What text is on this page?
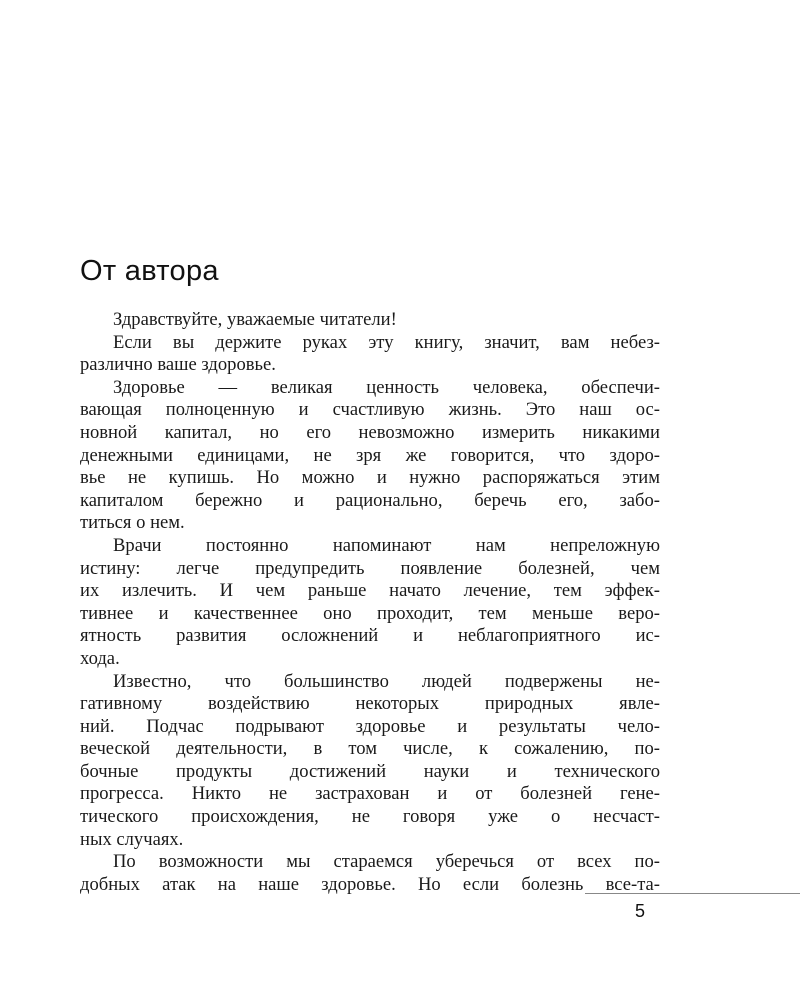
От автора
Здравствуйте, уважаемые читатели!
Если вы держите руках эту книгу, значит, вам небез-
различно ваше здоровье.
Здоровье — великая ценность человека, обеспечи-
вающая полноценную и счастливую жизнь. Это наш ос-
новной капитал, но его невозможно измерить никакими
денежными единицами, не зря же говорится, что здоро-
вье не купишь. Но можно и нужно распоряжаться этим
капиталом бережно и рационально, беречь его, забо-
титься о нем.
Врачи постоянно напоминают нам непреложную
истину: легче предупредить появление болезней, чем
их излечить. И чем раньше начато лечение, тем эффек-
тивнее и качественнее оно проходит, тем меньше веро-
ятность развития осложнений и неблагоприятного ис-
хода.
Известно, что большинство людей подвержены не-
гативному воздействию некоторых природных явле-
ний. Подчас подрывают здоровье и результаты чело-
веческой деятельности, в том числе, к сожалению, по-
бочные продукты достижений науки и технического
прогресса. Никто не застрахован и от болезней гене-
тического происхождения, не говоря уже о несчаст-
ных случаях.
По возможности мы стараемся уберечься от всех по-
добных атак на наше здоровье. Но если болезнь все-та-
5
